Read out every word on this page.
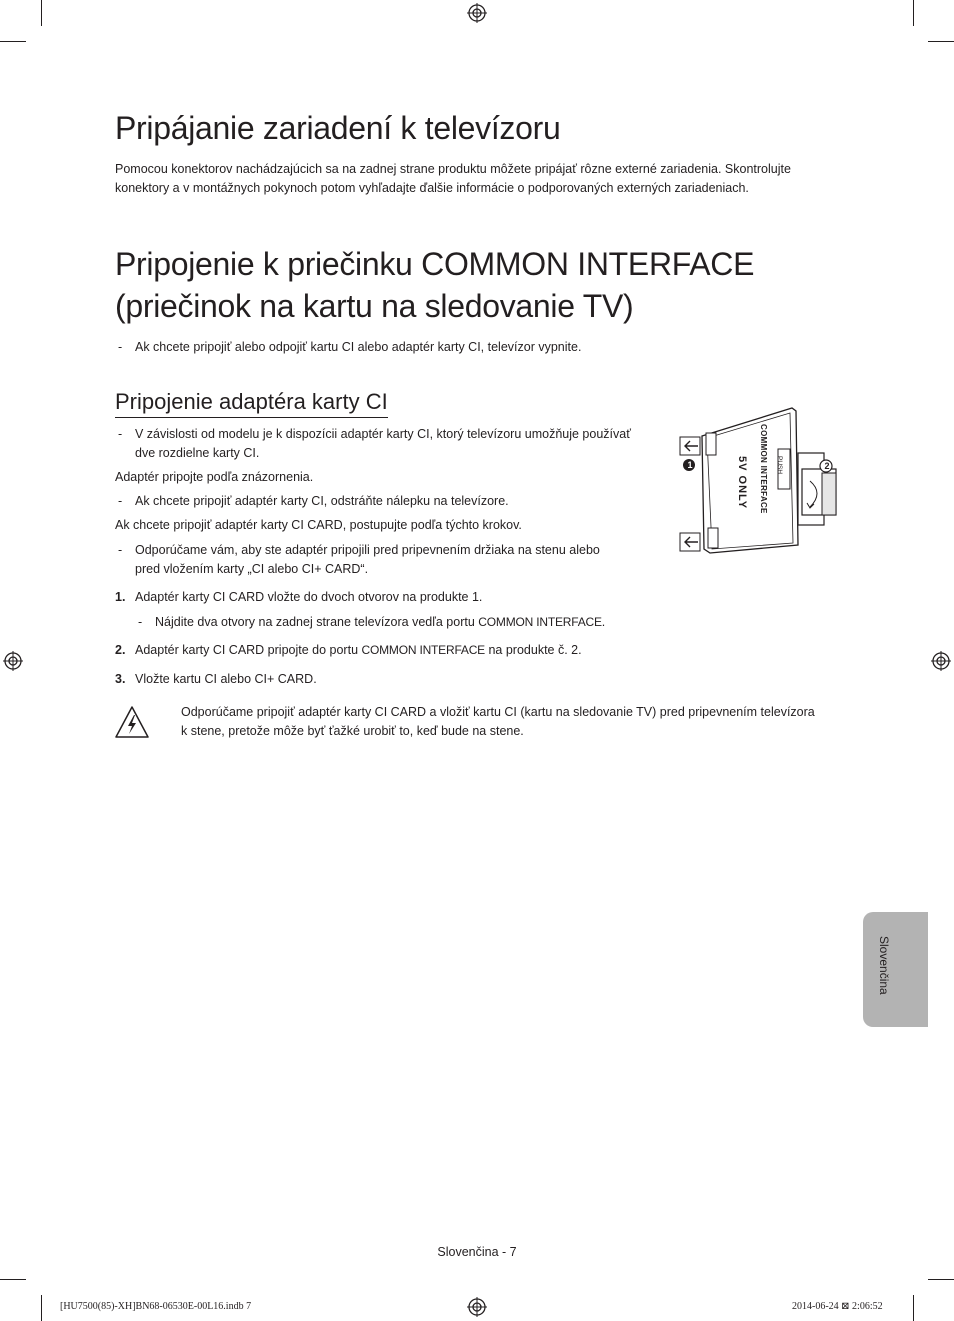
Pripájanie zariadení k televízoru

Pomocou konektorov nachádzajúcich sa na zadnej strane produktu môžete pripájať rôzne externé zariadenia. Skontrolujte

konektory a v montážnych pokynoch potom vyhľadajte ďalšie informácie o podporovaných externých zariadeniach.

Pripojenie k priečinku COMMON INTERFACE
(priečinok na kartu na sledovanie TV)
- Ak chcete pripojiť alebo odpojiť kartu CI alebo adaptér karty CI, televízor vypnite.

Pripojenie adaptéra karty CI
- V závislosti od modelu je k dispozícii adaptér karty CI, ktorý televízoru umožňuje používať

dve rozdielne karty CI.

Adaptér pripojte podľa znázornenia.

- Ak chcete pripojiť adaptér karty CI, odstráňte nálepku na televízore.

Ak chcete pripojiť adaptér karty CI CARD, postupujte podľa týchto krokov.

- Odporúčame vám, aby ste adaptér pripojili pred pripevnením držiaka na stenu alebo

pred vložením karty „CI alebo CI+ CARD“.

1. Adaptér karty CI CARD vložte do dvoch otvorov na produkte 1.

- Nájdite dva otvory na zadnej strane televízora vedľa portu COMMON INTERFACE.

2. Adaptér karty CI CARD pripojte do portu COMMON INTERFACE na produkte č. 2.

3. Vložte kartu CI alebo CI+ CARD.

Odporúčame pripojiť adaptér karty CI CARD a vložiť kartu CI (kartu na sledovanie TV) pred pripevnením televízora

k stene, pretože môže byť ťažké urobiť to, keď bude na stene.

1	2
COMMON INTERFACE PUSH
5V ONLY
Slovenčina

Slovenčina - 7

[HU7500(85)-XH]BN68-06530E-00L16.indb 7	2014-06-24 ⊠ 2:06:52
